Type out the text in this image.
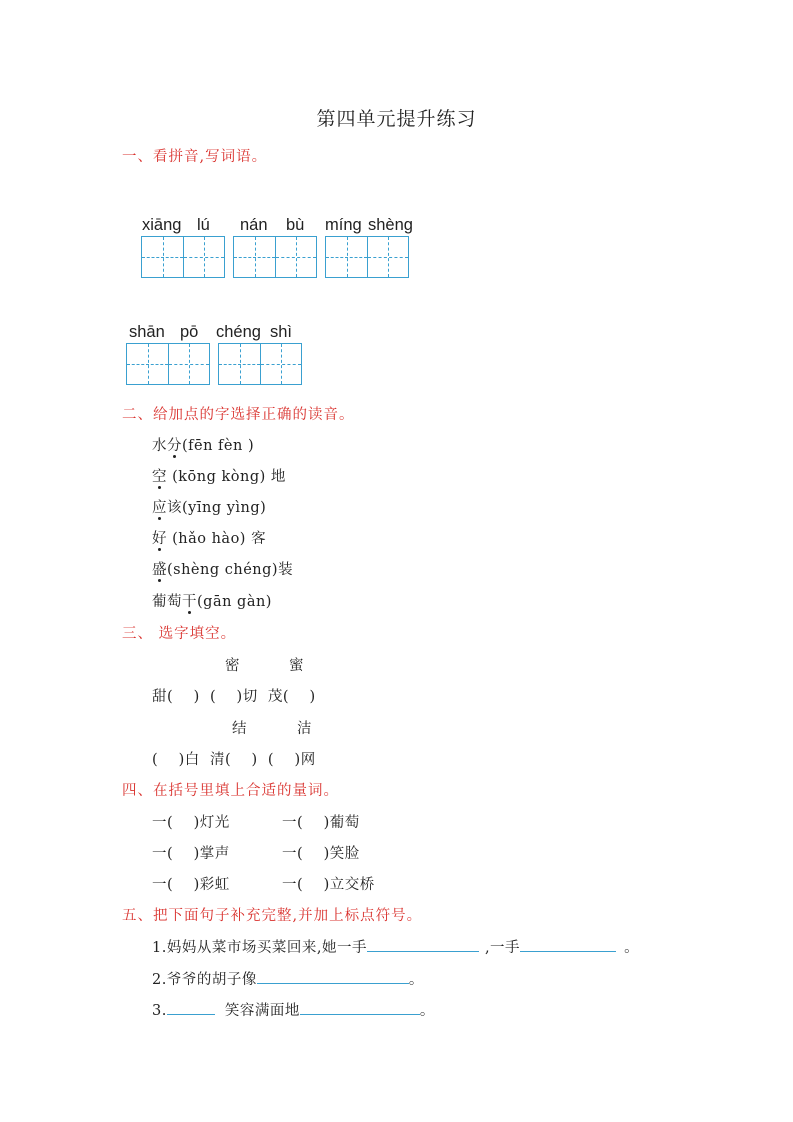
第四单元提升练习
一、看拼音,写词语。
xiāng lú nán bù míng shèng
shān pō chéng shì
二、给加点的字选择正确的读音。
水分(fēn fèn )
空 (kōng kòng) 地
应该(yīng yìng)
好 (hǎo hào) 客
盛(shèng chéng)装
葡萄干(gān gàn)
三、 选字填空。
密	蜜
甜(    )  (    )切  茂(    )
结	洁
(    )白  清(    )  (    )网
四、在括号里填上合适的量词。
一(    )灯光	一(    )葡萄
一(    )掌声	一(    )笑脸
一(    )彩虹	一(    )立交桥
五、把下面句子补充完整,并加上标点符号。
1.妈妈从菜市场买菜回来,她一手	,一手	。
2.爷爷的胡子像	。
3.	笑容满面地	。
